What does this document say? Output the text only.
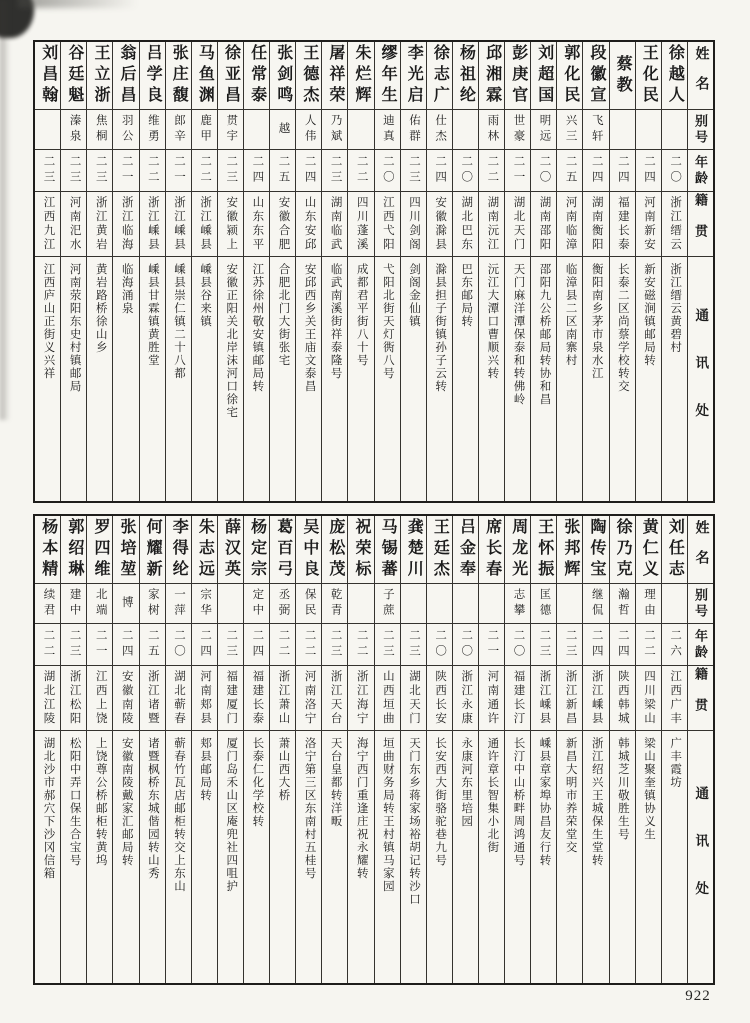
姓名
别号
年龄
籍贯
通讯处
徐越人
二〇
浙江缙云
浙江缙云黄碧村
王化民
二四
河南新安
新安磁涧镇邮局转
蔡教
二四
福建长泰
长泰二区尚蔡学校转交
段徽宣
飞轩
二四
湖南衡阳
衡阳南乡茅市泉水江
郭化民
兴三
二五
河南临漳
临漳县二区南寨村
刘超国
明远
二〇
湖南邵阳
邵阳九公桥邮局转协和昌
彭庚官
世豪
二一
湖北天门
天门麻洋潭保泰和转佛岭
邱湘霖
雨林
二二
湖南沅江
沅江大潭口曹顺兴转
杨祖纶
二〇
湖北巴东
巴东邮局转
徐志广
仕杰
二四
安徽滁县
滁县担子街镇孙子云转
李光启
佑群
二三
四川剑阁
剑阁金仙镇
缪年生
迪真
二〇
江西弋阳
弋阳北街天灯衖八号
朱烂辉
二二
四川蓬溪
成都君平街八十号
屠祥荣
乃斌
二三
湖南临武
临武南溪街祥泰隆号
王德杰
人伟
二四
山东安邱
安邱西乡关王庙文泰昌
张剑鸣
越
二五
安徽合肥
合肥北门大街张宅
任常泰
二四
山东东平
江苏徐州敬安镇邮局转
徐亚昌
贯宇
二三
安徽颍上
安徽正阳关北岸沫河口徐宅
马鱼渊
鹿甲
二二
浙江嵊县
嵊县谷来镇
张庄馥
郎辛
二一
浙江嵊县
嵊县崇仁镇二十八都
吕学良
维勇
二二
浙江嵊县
嵊县甘霖镇黄胜堂
翁后昌
羽公
二一
浙江临海
临海涌泉
王立浙
焦桐
二三
浙江黄岩
黄岩路桥徐山乡
谷廷魁
溱泉
二三
河南汜水
河南荥阳东史村镇邮局
刘昌翰
二三
江西九江
江西庐山正街义兴祥
姓名
别号
年龄
籍贯
通讯处
刘任志
二六
江西广丰
广丰霞坊
黄仁义
理由
二二
四川梁山
梁山聚奎镇协义生
徐乃克
瀚哲
二四
陕西韩城
韩城芝川敬胜生号
陶传宝
继侃
二四
浙江嵊县
浙江绍兴王城保生堂转
张邦辉
二三
浙江新昌
新昌大明市养荣堂交
王怀振
匡德
二三
浙江嵊县
嵊县章家埠协昌友行转
周龙光
志攀
二〇
福建长汀
长汀中山桥畔周鸿通号
席长春
二一
河南通许
通许章长智集小北街
吕金奉
二〇
浙江永康
永康河东里培园
王廷杰
二〇
陕西长安
长安西大街骆驼巷九号
龚楚川
二三
湖北天门
天门东乡蒋家场裕胡记转沙口
马锡蕃
子蔗
二三
山西垣曲
垣曲财务局转王村镇马家园
祝荣标
二二
浙江海宁
海宁西门重逢庄祝永耀转
庞松茂
乾青
二三
浙江天台
天台皇都转洋畈
吴中良
保民
二二
河南洛宁
洛宁第三区东南村五桂号
葛百弓
丞弼
二二
浙江萧山
萧山西大桥
杨定宗
定中
二四
福建长泰
长泰仁化学校转
薛汉英
二三
福建厦门
厦门岛禾山区庵兜社四咀护
朱志远
宗华
二四
河南郏县
郏县邮局转
李得纶
一萍
二〇
湖北蕲春
蕲春竹瓦店邮柜转交上东山
何耀新
家树
二五
浙江诸暨
诸暨枫桥东城偕园转山秀
张培堃
博
二四
安徽南陵
安徽南陵戴家汇邮局转
罗四维
北端
二一
江西上饶
上饶尊公桥邮柜转黄坞
郭绍琳
建中
二三
浙江松阳
松阳中弄口保生合宝号
杨本精
续君
二二
湖北江陵
湖北沙市郝穴下沙冈信箱
922
